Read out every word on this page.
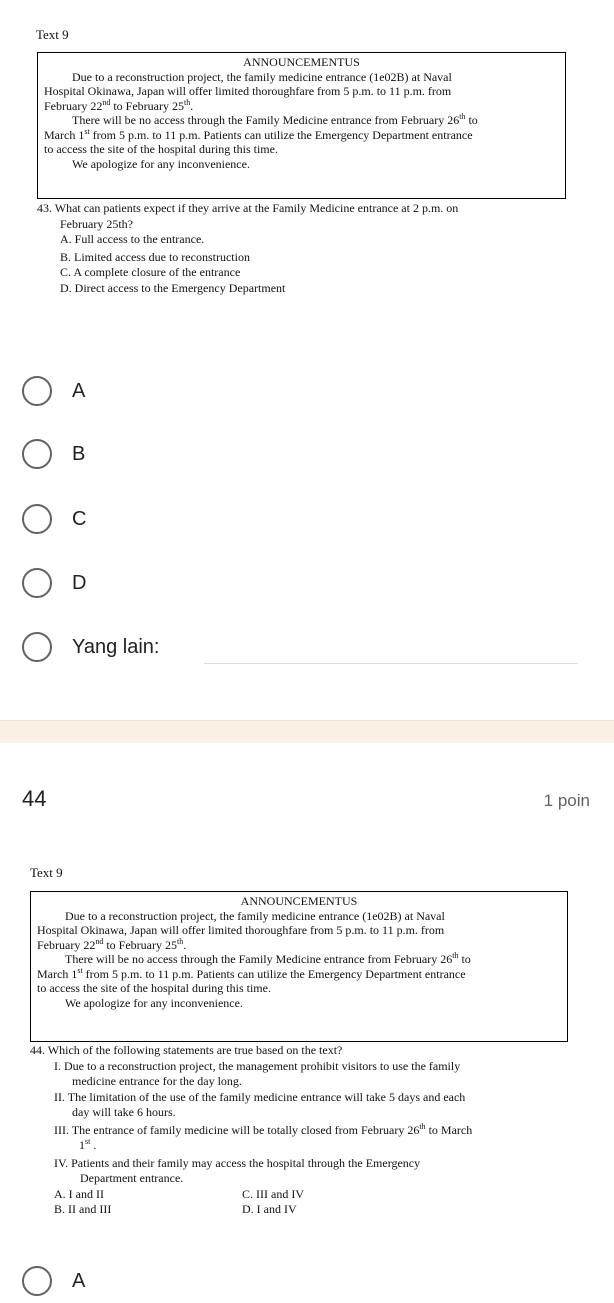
Text 9
ANNOUNCEMENTUS

Due to a reconstruction project, the family medicine entrance (1e02B) at Naval

Hospital Okinawa, Japan will offer limited thoroughfare from 5 p.m. to 11 p.m. from

February 22nd to February 25th.

There will be no access through the Family Medicine entrance from February 26th to

March 1st from 5 p.m. to 11 p.m. Patients can utilize the Emergency Department entrance

to access the site of the hospital during this time.

We apologize for any inconvenience.

43. What can patients expect if they arrive at the Family Medicine entrance at 2 p.m. on
February 25th?
A. Full access to the entrance.
B. Limited access due to reconstruction
C. A complete closure of the entrance
D. Direct access to the Emergency Department
A
B
C
D
Yang lain:
44	1 poin
Text 9
ANNOUNCEMENTUS

Due to a reconstruction project, the family medicine entrance (1e02B) at Naval

Hospital Okinawa, Japan will offer limited thoroughfare from 5 p.m. to 11 p.m. from

February 22nd to February 25th.

There will be no access through the Family Medicine entrance from February 26th to

March 1st from 5 p.m. to 11 p.m. Patients can utilize the Emergency Department entrance

to access the site of the hospital during this time.

We apologize for any inconvenience.

44. Which of the following statements are true based on the text?
I. Due to a reconstruction project, the management prohibit visitors to use the family
medicine entrance for the day long.
II. The limitation of the use of the family medicine entrance will take 5 days and each
day will take 6 hours.
III. The entrance of family medicine will be totally closed from February 26th to March
1st .
IV. Patients and their family may access the hospital through the Emergency
Department entrance.
A. I and II	C. III and IV
B. II and III	D. I and IV
A
